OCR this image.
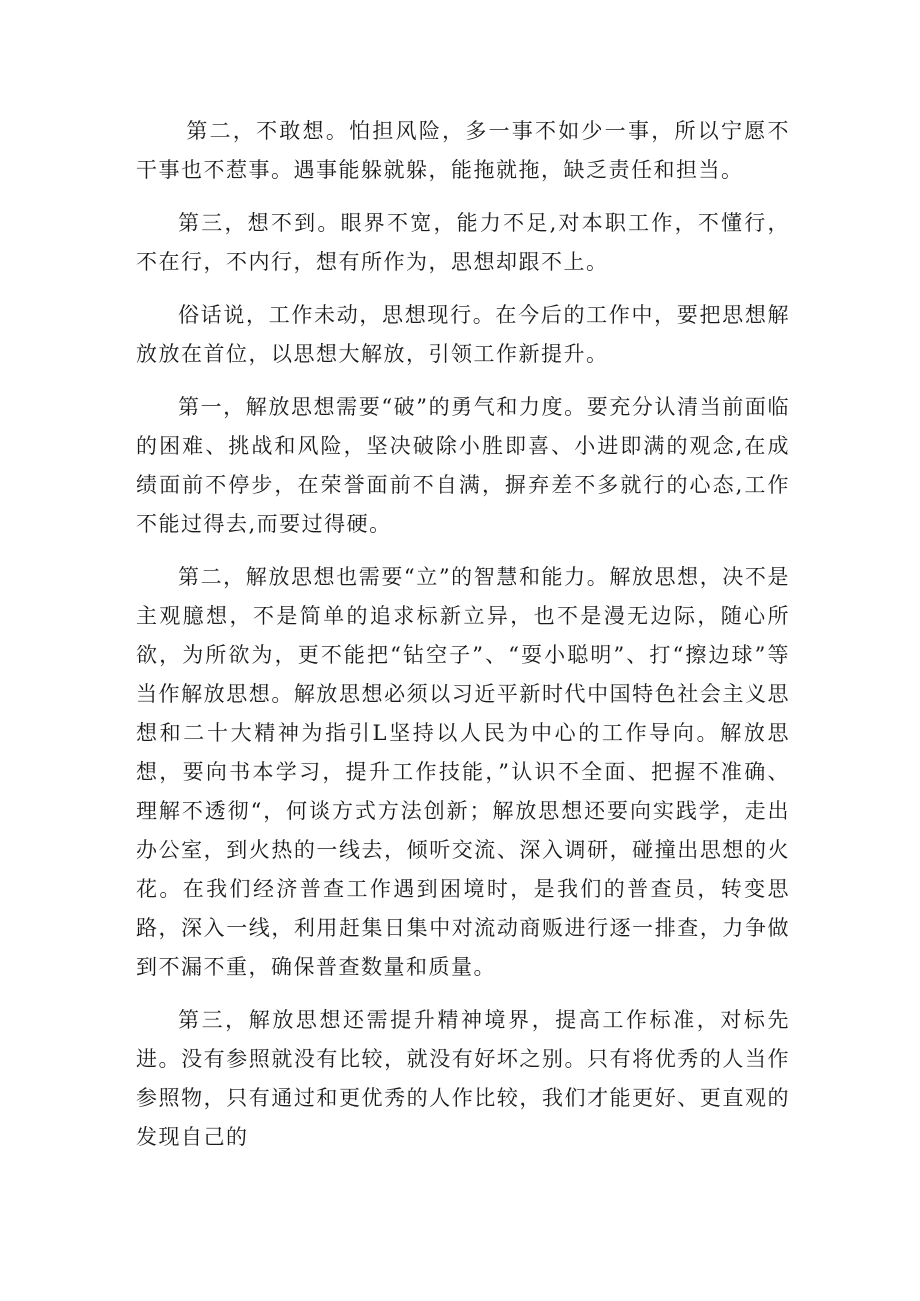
第二，不敢想。怕担风险，多一事不如少一事，所以宁愿不干事也不惹事。遇事能躲就躲，能拖就拖，缺乏责任和担当。

第三，想不到。眼界不宽，能力不足,对本职工作，不懂行，不在行，不内行，想有所作为，思想却跟不上。

俗话说，工作未动，思想现行。在今后的工作中，要把思想解放放在首位，以思想大解放，引领工作新提升。

第一，解放思想需要“破”的勇气和力度。要充分认清当前面临的困难、挑战和风险，坚决破除小胜即喜、小进即满的观念,在成绩面前不停步，在荣誉面前不自满，摒弃差不多就行的心态,工作不能过得去,而要过得硬。

第二，解放思想也需要“立”的智慧和能力。解放思想，决不是主观臆想，不是简单的追求标新立异，也不是漫无边际，随心所欲，为所欲为，更不能把“钻空子”、“耍小聪明”、打“擦边球”等当作解放思想。解放思想必须以习近平新时代中国特色社会主义思想和二十大精神为指引L坚持以人民为中心的工作导向。解放思想，要向书本学习，提升工作技能，”认识不全面、把握不准确、理解不透彻“，何谈方式方法创新；解放思想还要向实践学，走出办公室，到火热的一线去，倾听交流、深入调研，碰撞出思想的火花。在我们经济普查工作遇到困境时，是我们的普查员，转变思路，深入一线，利用赶集日集中对流动商贩进行逐一排查，力争做到不漏不重，确保普查数量和质量。

第三，解放思想还需提升精神境界，提高工作标准，对标先进。没有参照就没有比较，就没有好坏之别。只有将优秀的人当作参照物，只有通过和更优秀的人作比较，我们才能更好、更直观的发现自己的
